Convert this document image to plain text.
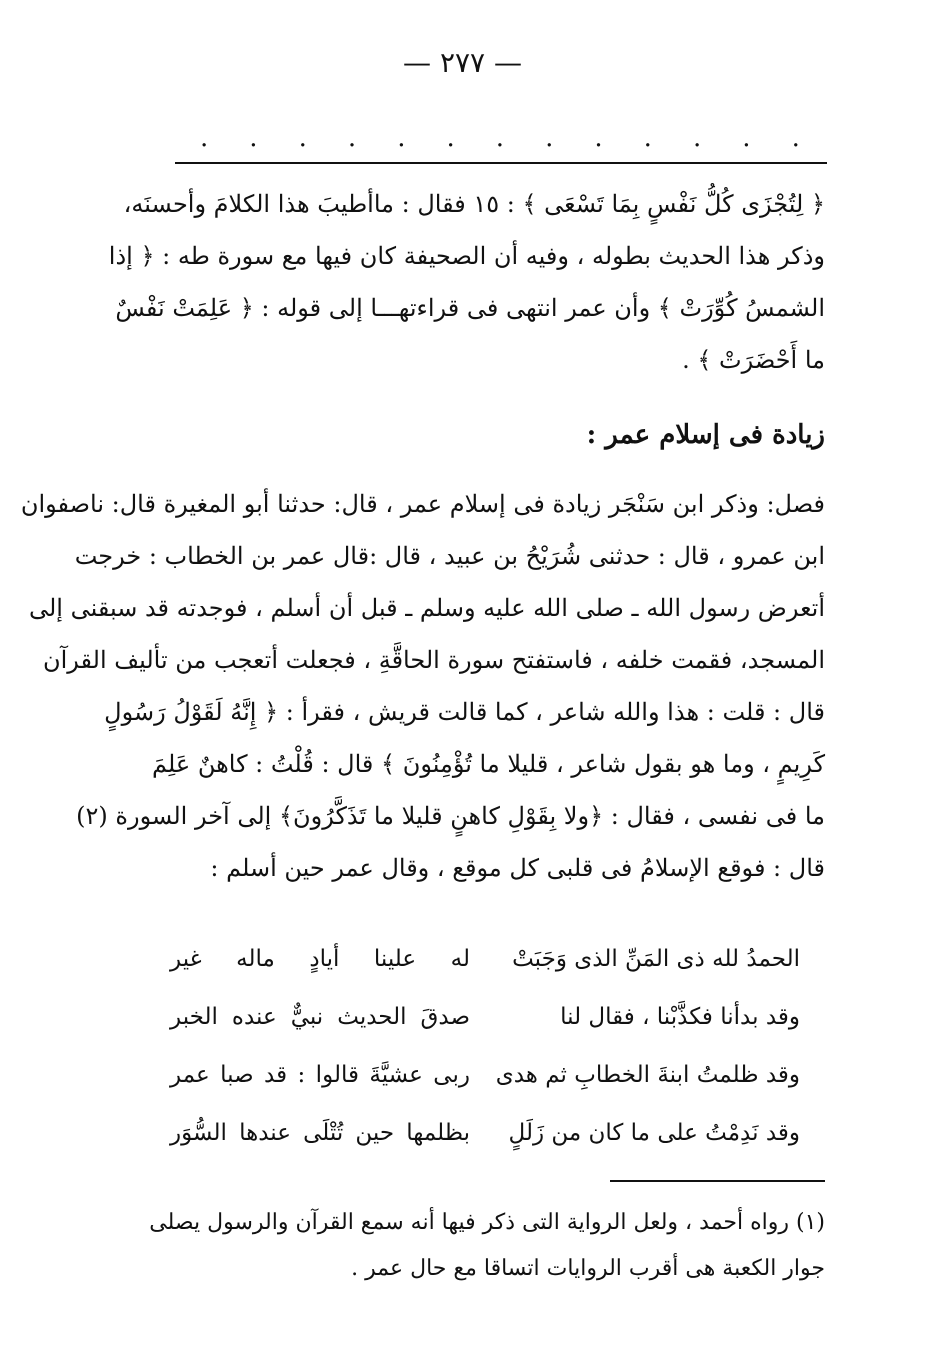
— ٢٧٧ —
. . . . . . . . . . . . .
﴿ لِتُجْزَى كُلُّ نَفْسٍ بِمَا تَسْعَى ﴾ : ١٥ فقال : ماأطيبَ هذا الكلامَ وأحسنَه،
وذكر هذا الحديث بطوله ، وفيه أن الصحيفة كان فيها مع سورة طه : ﴿ إذا
الشمسُ كُوِّرَتْ ﴾ وأن عمر انتهى فى قراءتهـــا إلى قوله : ﴿ عَلِمَتْ نَفْسٌ
ما أَحْضَرَتْ ﴾ .
زيادة فى إسلام عمر :
فصل: وذكر ابن سَنْجَر زيادة فى إسلام عمر ، قال: حدثنا أبو المغيرة قال: ناصفوان
ابن عمرو ، قال : حدثنى شُرَيْحُ بن عبيد ، قال :قال عمر بن الخطاب : خرجت
أتعرض رسول الله ـ صلى الله عليه وسلم ـ قبل أن أسلم ، فوجدته قد سبقنى إلى
المسجد، فقمت خلفه ، فاستفتح سورة الحاقَّةِ ، فجعلت أتعجب من تأليف القرآن
قال : قلت : هذا والله شاعر ، كما قالت قريش ، فقرأ : ﴿ إِنَّهُ لَقَوْلُ رَسُولٍ
كَرِيمٍ ، وما هو بقول شاعر ، قليلا ما تُؤْمِنُونَ ﴾ قال : قُلْتُ : كاهنٌ عَلِمَ
ما فى نفسى ، فقال : ﴿ولا بِقَوْلِ كاهنٍ قليلا ما تَذَكَّرُونَ﴾ إلى آخر السورة (٢)
قال : فوقع الإسلامُ فى قلبى كل موقع ، وقال عمر حين أسلم :
الحمدُ لله ذى المَنِّ الذى وَجَبَتْ
له علينا أيادٍ ماله غير
وقد بدأنا فكذَّبْنا ، فقال لنا
صدقَ الحديث نبيٌّ عنده الخبر
وقد ظلمتُ ابنةَ الخطابِ ثم هدى
ربى عشيَّةَ قالوا : قد صبا عمر
وقد نَدِمْتُ على ما كان من زَلَلٍ
بظلمها حين تُتْلَى عندها السُّوَر
(١) رواه أحمد ، ولعل الرواية التى ذكر فيها أنه سمع القرآن والرسول يصلى
جوار الكعبة هى أقرب الروايات اتساقا مع حال عمر .
